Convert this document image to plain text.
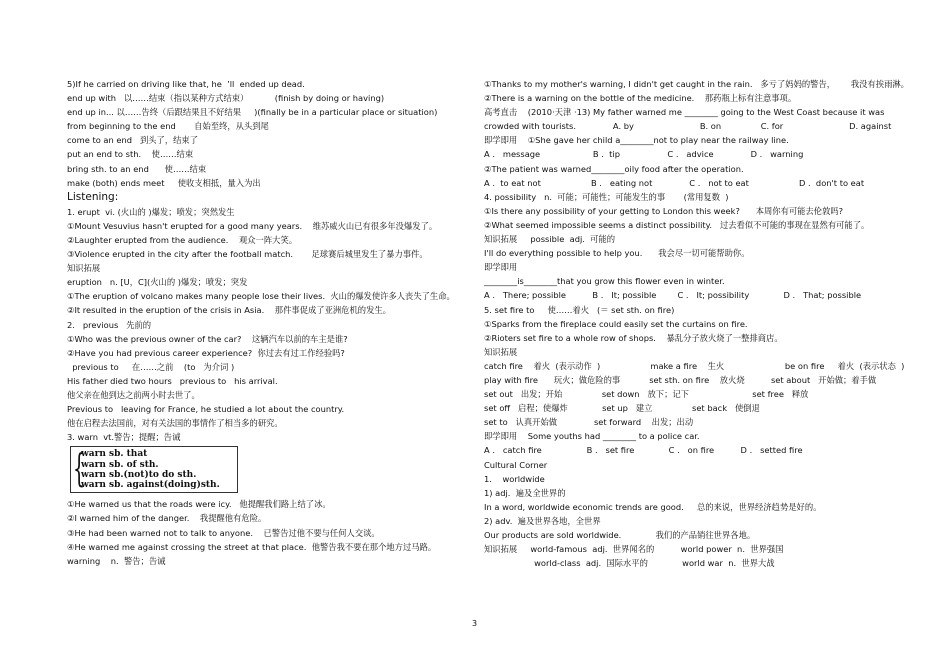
5)If he carried on driving like that, he  ’ll  ended up dead.
end up with   以……结束（指以某种方式结束）          (finish by doing or having)
end up in... 以……告终（后跟结果且不好结果     )(finally be in a particular place or situation)
from beginning to the end       自始至终，从头到尾
come to an end   到头了，结束了
put an end to sth.    使……结束
bring sth. to an end      使……结束
make (both) ends meet     使收支相抵，量入为出
Listening:
1. erupt  vi. (火山的 )爆发；喷发；突然发生
①Mount Vesuvius hasn't erupted for a good many years.    维苏威火山已有很多年没爆发了。
②Laughter erupted from the audience.    观众一阵大笑。
③Violence erupted in the city after the football match.       足球赛后城里发生了暴力事件。
知识拓展
eruption   n. [U，C](火山的 )爆发；喷发；突发
①The eruption of volcano makes many people lose their lives.  火山的爆发使许多人丧失了生命。
②It resulted in the eruption of the crisis in Asia.    那件事促成了亚洲危机的发生。
2.   previous   先前的
①Who was the previous owner of the car?    这辆汽车以前的车主是谁?
②Have you had previous career experience?  你过去有过工作经验吗?
previous to     在……之前    (to   为介词 )
His father died two hours   previous to   his arrival.
他父亲在他到达之前两小时去世了。
Previous to   leaving for France, he studied a lot about the country.
他在启程去法国前，对有关法国的事情作了相当多的研究。
3. warn  vt.警告；提醒；告诫
{
warn sb. that
warn sb. of sth.
warn sb.(not)to do sth.
warn sb. against(doing)sth.
①He warned us that the roads were icy.   他提醒我们路上结了冰。
②I warned him of the danger.    我提醒他有危险。
③He had been warned not to talk to anyone.    已警告过他不要与任何人交谈。
④He warned me against crossing the street at that place.  他警告我不要在那个地方过马路。
warning    n.  警告；告诫
①Thanks to my mother's warning, I didn't get caught in the rain.   多亏了妈妈的警告，      我没有挨雨淋。
②There is a warning on the bottle of the medicine.    那药瓶上标有注意事项。
高考直击    (2010·天津 ·13) My father warned me ________ going to the West Coast because it was
crowded with tourists.              A. by                         B. on               C. for                         D. against
即学即用    ①She gave her child a________not to play near the railway line.
A .   message                    B .  tip                  C .   advice              D .   warning
②The patient was warned________oily food after the operation.
A .  to eat not                   B .   eating not              C .   not to eat                   D .  don't to eat
4. possibility   n.  可能；可能性；可能发生的事       (常用复数  )
①Is there any possibility of your getting to London this week?      本周你有可能去伦敦吗?
②What seemed impossible seems a distinct possibility.   过去看似不可能的事现在显然有可能了。
知识拓展     possible  adj.  可能的
I'll do everything possible to help you.      我会尽一切可能帮助你。
即学即用
________is________that you grow this flower even in winter.
A .   There; possible          B .   It; possible        C .   It; possibility             D .   That; possible
5. set fire to     使……着火   (＝ set sth. on fire)
①Sparks from the fireplace could easily set the curtains on fire.
②Rioters set fire to a whole row of shops.    暴乱分子放火烧了一整排商店。
知识拓展
catch fire    着火  (表示动作  )                   make a fire    生火                       be on fire     着火  (表示状态  )
play with fire      玩火；做危险的事           set sth. on fire    放火烧          set about   开始做；着手做
set out   出发；开始               set down   放下；记下                        set free   释放
set off   启程；使爆炸             set up   建立               set back   使倒退
set to   认真开始做              set forward    出发；出动
即学即用    Some youths had ________ to a police car.
A .   catch fire                 B .   set fire             C .   on fire          D .   setted fire
Cultural Corner
1.    worldwide
1) adj.  遍及全世界的
In a word, worldwide economic trends are good.     总的来说，世界经济趋势是好的。
2) adv.  遍及世界各地，全世界
Our products are sold worldwide.             我们的产品销往世界各地。
知识拓展     world-famous  adj.  世界闻名的          world power  n.  世界强国
world-class  adj.  国际水平的             world war  n.  世界大战
3
